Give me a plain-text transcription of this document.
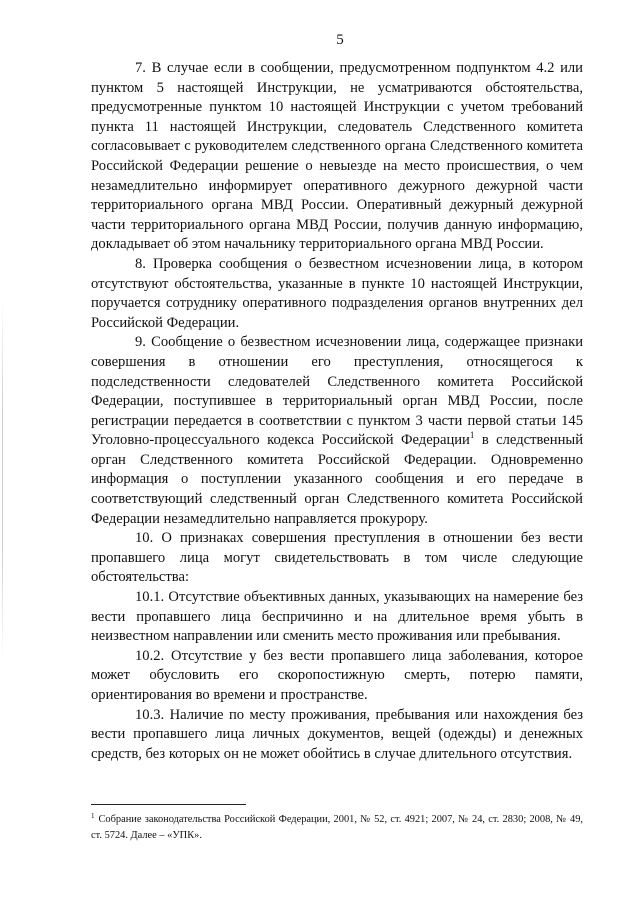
5

7. В случае если в сообщении, предусмотренном подпунктом 4.2 или пунктом 5 настоящей Инструкции, не усматриваются обстоятельства, предусмотренные пунктом 10 настоящей Инструкции с учетом требований пункта 11 настоящей Инструкции, следователь Следственного комитета согласовывает с руководителем следственного органа Следственного комитета Российской Федерации решение о невыезде на место происшествия, о чем незамедлительно информирует оперативного дежурного дежурной части территориального органа МВД России. Оперативный дежурный дежурной части территориального органа МВД России, получив данную информацию, докладывает об этом начальнику территориального органа МВД России.

8. Проверка сообщения о безвестном исчезновении лица, в котором отсутствуют обстоятельства, указанные в пункте 10 настоящей Инструкции, поручается сотруднику оперативного подразделения органов внутренних дел Российской Федерации.

9. Сообщение о безвестном исчезновении лица, содержащее признаки совершения в отношении его преступления, относящегося к подследственности следователей Следственного комитета Российской Федерации, поступившее в территориальный орган МВД России, после регистрации передается в соответствии с пунктом 3 части первой статьи 145 Уголовно-процессуального кодекса Российской Федерации$^1$ в следственный орган Следственного комитета Российской Федерации. Одновременно информация о поступлении указанного сообщения и его передаче в соответствующий следственный орган Следственного комитета Российской Федерации незамедлительно направляется прокурору.

10. О признаках совершения преступления в отношении без вести пропавшего лица могут свидетельствовать в том числе следующие обстоятельства:

10.1. Отсутствие объективных данных, указывающих на намерение без вести пропавшего лица беспричинно и на длительное время убыть в неизвестном направлении или сменить место проживания или пребывания.

10.2. Отсутствие у без вести пропавшего лица заболевания, которое может обусловить его скоропостижную смерть, потерю памяти, ориентирования во времени и пространстве.

10.3. Наличие по месту проживания, пребывания или нахождения без вести пропавшего лица личных документов, вещей (одежды) и денежных средств, без которых он не может обойтись в случае длительного отсутствия.

$^1$ Собрание законодательства Российской Федерации, 2001, № 52, ст. 4921; 2007, № 24, ст. 2830; 2008, № 49, ст. 5724. Далее – «УПК».
